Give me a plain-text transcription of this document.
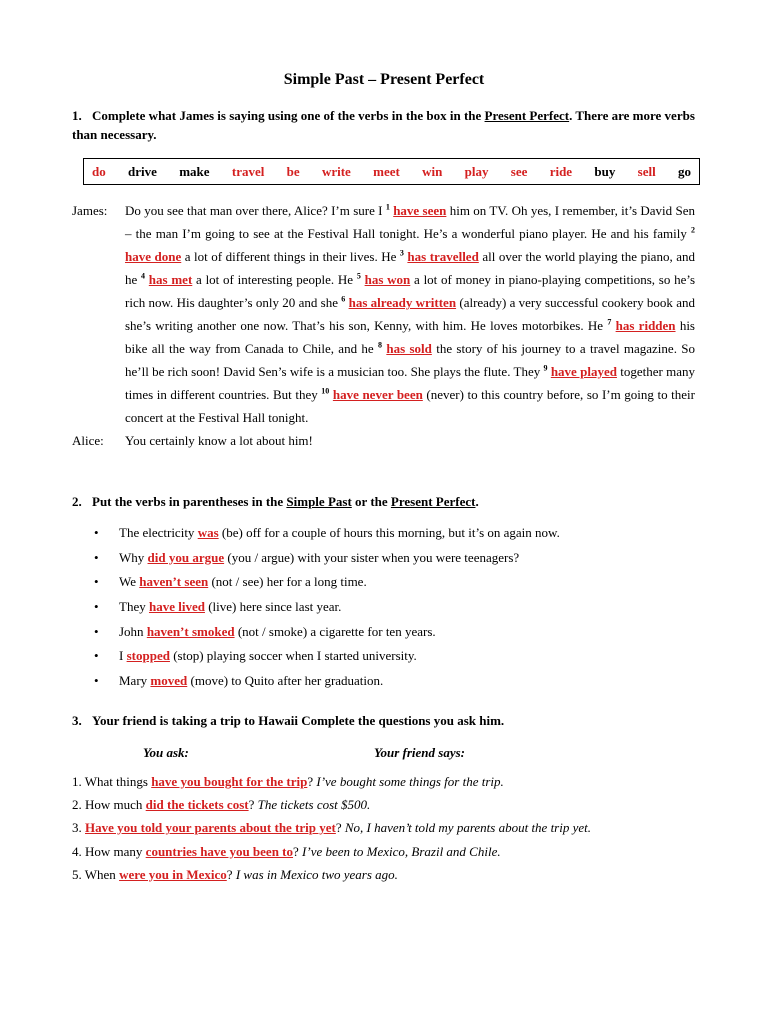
Simple Past – Present Perfect
1. Complete what James is saying using one of the verbs in the box in the Present Perfect. There are more verbs than necessary.
do drive make travel be write meet win play see ride buy sell go
James:	Do you see that man over there, Alice? I’m sure I $^1$ have seen him on TV. Oh yes, I remember, it’s David Sen – the man I’m going to see at the Festival Hall tonight. He’s a wonderful piano player. He and his family $^2$ have done a lot of different things in their lives. He $^3$ has travelled all over the world playing the piano, and he $^4$ has met a lot of interesting people. He $^5$ has won a lot of money in piano-playing competitions, so he’s rich now. His daughter’s only 20 and she $^6$ has already written (already) a very successful cookery book and she’s writing another one now. That’s his son, Kenny, with him. He loves motorbikes. He $^7$ has ridden his bike all the way from Canada to Chile, and he $^8$ has sold the story of his journey to a travel magazine. So he’ll be rich soon! David Sen’s wife is a musician too. She plays the flute. They $^9$ have played together many times in different countries. But they $^{10}$ have never been (never) to this country before, so I’m going to their concert at the Festival Hall tonight.
Alice:	You certainly know a lot about him!
2. Put the verbs in parentheses in the Simple Past or the Present Perfect.
• The electricity was (be) off for a couple of hours this morning, but it’s on again now.
• Why did you argue (you / argue) with your sister when you were teenagers?
• We haven’t seen (not / see) her for a long time.
• They have lived (live) here since last year.
• John haven’t smoked (not / smoke) a cigarette for ten years.
• I stopped (stop) playing soccer when I started university.
• Mary moved (move) to Quito after her graduation.
3. Your friend is taking a trip to Hawaii Complete the questions you ask him.
You ask:	Your friend says:
1. What things have you bought for the trip? I’ve bought some things for the trip.
2. How much did the tickets cost? The tickets cost $500.
3. Have you told your parents about the trip yet? No, I haven’t told my parents about the trip yet.
4. How many countries have you been to? I’ve been to Mexico, Brazil and Chile.
5. When were you in Mexico? I was in Mexico two years ago.
